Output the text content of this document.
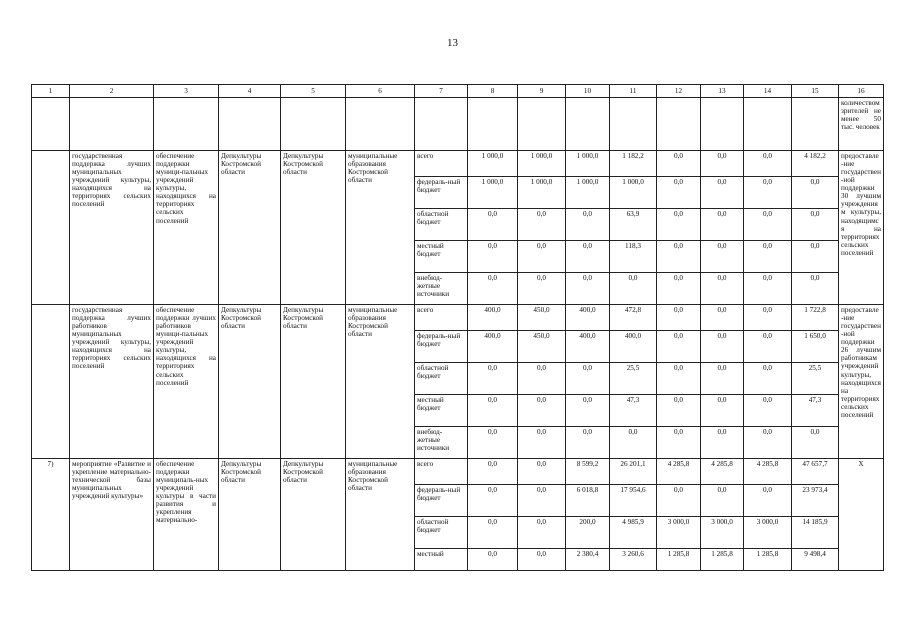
13
1	2	3	4	5	6	7	8	9	10	11	12	13	14	15	16
															количеством зрителей не менее 50 тыс. человек
	государственная поддержка лучших муниципальных учреждений культуры, находящихся на территориях сельских поселений	обеспечение поддержки муници-пальных учреждений культуры, находящихся на территориях сельских поселений	Депкультуры Костромской области	Депкультуры Костромской области	муниципальные образования Костромской области	всего	1 000,0	1 000,0	1 000,0	1 182,2	0,0	0,0	0,0	4 182,2	предоставле-ние государствен-ной поддержки 30 лучшим учреждениям культуры, находящимся на территориях сельских поселений
						федераль-ный бюджет	1 000,0	1 000,0	1 000,0	1 000,0	0,0	0,0	0,0	0,0	
						областной бюджет	0,0	0,0	0,0	63,9	0,0	0,0	0,0	0,0	
						местный бюджет	0,0	0,0	0,0	118,3	0,0	0,0	0,0	0,0	
						внебюд-жетные источники	0,0	0,0	0,0	0,0	0,0	0,0	0,0	0,0	
	государственная поддержка лучших работников муниципальных учреждений культуры, находящихся на территориях сельских поселений	обеспечение поддержки лучших работников муници-пальных учреждений культуры, находящихся на территориях сельских поселений	Депкультуры Костромской области	Депкультуры Костромской области	муниципальные образования Костромской области	всего	400,0	450,0	400,0	472,8	0,0	0,0	0,0	1 722,8	предоставле-ние государствен-ной поддержки 26 лучшим работникам учреждений культуры, находящихся на территориях сельских поселений
						федераль-ный бюджет	400,0	450,0	400,0	400,0	0,0	0,0	0,0	1 650,0	
						областной бюджет	0,0	0,0	0,0	25,5	0,0	0,0	0,0	25,5	
						местный бюджет	0,0	0,0	0,0	47,3	0,0	0,0	0,0	47,3	
						внебюд-жетные источники	0,0	0,0	0,0	0,0	0,0	0,0	0,0	0,0	
7)	мероприятие «Развитие и укрепление материально-технической базы муниципальных учреждений культуры»	обеспечение поддержки муниципаль-ных учреждений культуры в части развития и укрепления материально-	Депкультуры Костромской области	Депкультуры Костромской области	муниципальные образования Костромской области	всего	0,0	0,0	8 599,2	26 201,1	4 285,8	4 285,8	4 285,8	47 657,7	Х
						федераль-ный бюджет	0,0	0,0	6 018,8	17 954,6	0,0	0,0	0,0	23 973,4	
						областной бюджет	0,0	0,0	200,0	4 985,9	3 000,0	3 000,0	3 000,0	14 185,9	
						местный	0,0	0,0	2 380,4	3 260,6	1 285,8	1 285,8	1 285,8	9 498,4	
